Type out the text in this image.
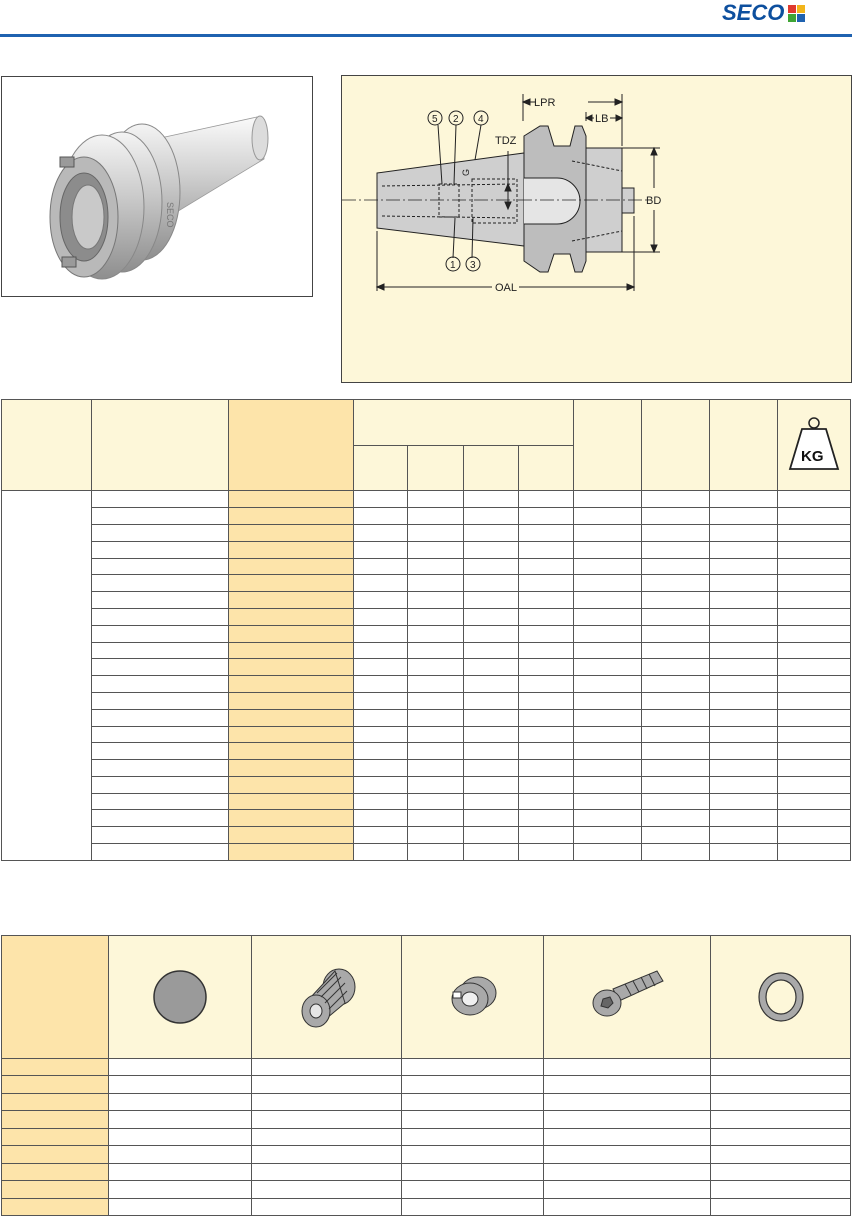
SECO
SECO
LPR
LB
TDZ
BD
OAL
G
5 2 4
1 3

KG
